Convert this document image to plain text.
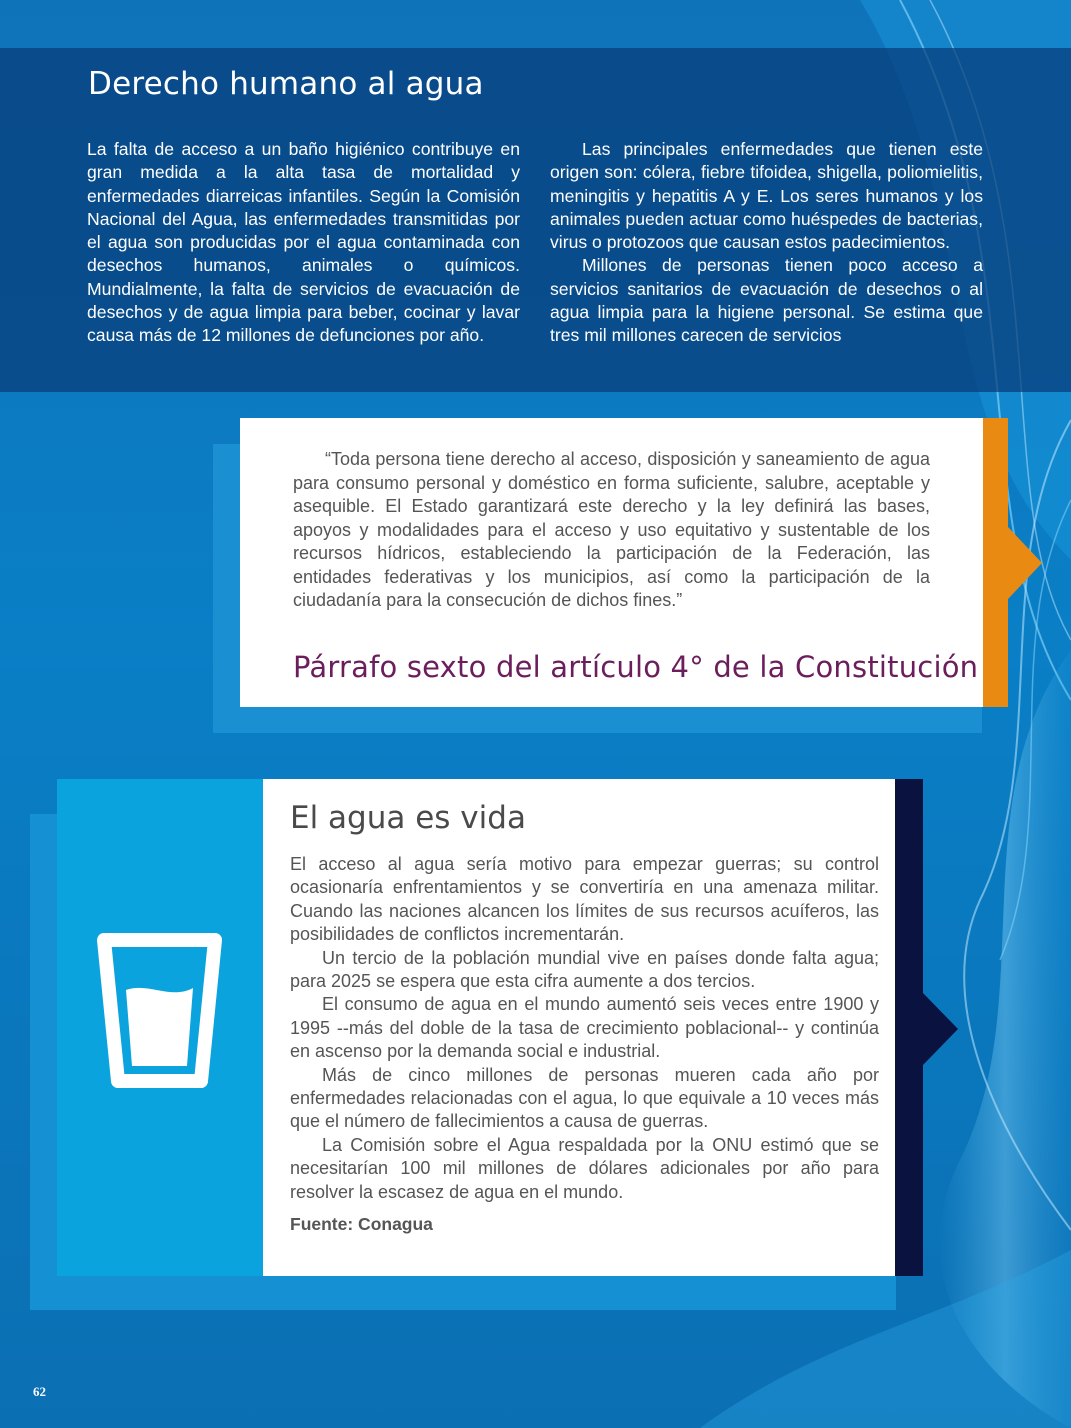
Derecho humano al agua

La falta de acceso a un baño higiénico contribuye en gran medida a la alta tasa de mortalidad y enfermedades diarreicas infantiles. Según la Comisión Nacional del Agua, las enfermedades transmitidas por el agua son producidas por el agua contaminada con desechos humanos, animales o químicos. Mundialmente, la falta de servicios de evacuación de desechos y de agua limpia para beber, cocinar y lavar causa más de 12 millones de defunciones por año.

Las principales enfermedades que tienen este origen son: cólera, fiebre tifoidea, shigella, poliomielitis, meningitis y hepatitis A y E. Los seres humanos y los animales pueden actuar como huéspedes de bacterias, virus o protozoos que causan estos padecimientos.

Millones de personas tienen poco acceso a servicios sanitarios de evacuación de desechos o al agua limpia para la higiene personal. Se estima que tres mil millones carecen de servicios

“Toda persona tiene derecho al acceso, disposición y saneamiento de agua para consumo personal y doméstico en forma suficiente, salubre, aceptable y asequible. El Estado garantizará este derecho y la ley definirá las bases, apoyos y modalidades para el acceso y uso equitativo y sustentable de los recursos hídricos, estableciendo la participación de la Federación, las entidades federativas y los municipios, así como la participación de la ciudadanía para la consecución de dichos fines.”

Párrafo sexto del artículo 4° de la Constitución

El agua es vida

El acceso al agua sería motivo para empezar guerras; su control ocasionaría enfrentamientos y se convertiría en una amenaza militar. Cuando las naciones alcancen los límites de sus recursos acuíferos, las posibilidades de conflictos incrementarán.

Un tercio de la población mundial vive en países donde falta agua; para 2025 se espera que esta cifra aumente a dos tercios.

El consumo de agua en el mundo aumentó seis veces entre 1900 y 1995 --más del doble de la tasa de crecimiento poblacional-- y continúa en ascenso por la demanda social e industrial.

Más de cinco millones de personas mueren cada año por enfermedades relacionadas con el agua, lo que equivale a 10 veces más que el número de fallecimientos a causa de guerras.

La Comisión sobre el Agua respaldada por la ONU estimó que se necesitarían 100 mil millones de dólares adicionales por año para resolver la escasez de agua en el mundo.

Fuente: Conagua

62
